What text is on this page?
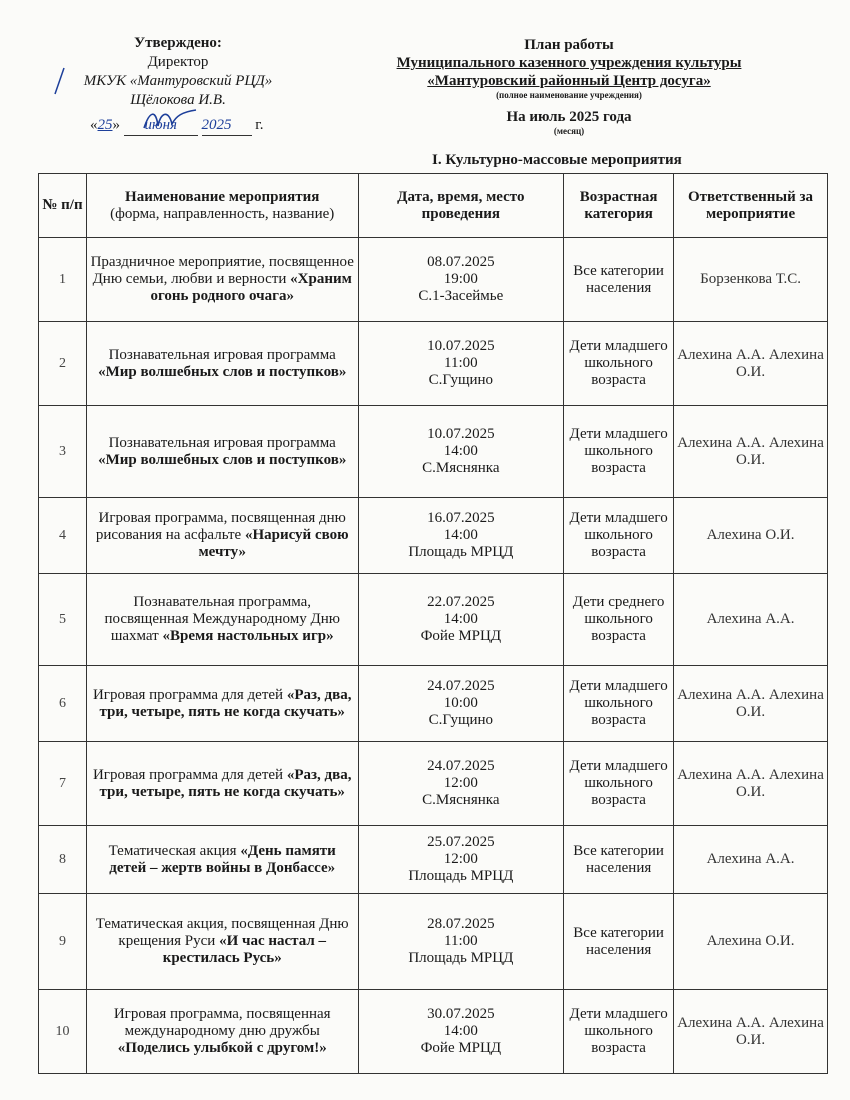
Утверждено:
Директор
МКУК «Мантуровский РЦД»
Щёлокова И.В.
«25» июня 2025 г.
План работы
Муниципального казенного учреждения культуры
«Мантуровский районный Центр досуга»
(полное наименование учреждения)
На июль 2025 года
(месяц)
I. Культурно-массовые мероприятия
№ п/п	Наименование мероприятия
(форма, направленность, название)	Дата, время, место проведения	Возрастная категория	Ответственный за мероприятие
1	Праздничное мероприятие, посвященное Дню семьи, любви и верности «Храним огонь родного очага»	08.07.2025
19:00
С.1-Засеймье	Все категории населения	Борзенкова Т.С.
2	Познавательная игровая программа «Мир волшебных слов и поступков»	10.07.2025
11:00
С.Гущино	Дети младшего школьного возраста	Алехина А.А. Алехина О.И.
3	Познавательная игровая программа «Мир волшебных слов и поступков»	10.07.2025
14:00
С.Мяснянка	Дети младшего школьного возраста	Алехина А.А. Алехина О.И.
4	Игровая программа, посвященная дню рисования на асфальте «Нарисуй свою мечту»	16.07.2025
14:00
Площадь МРЦД	Дети младшего школьного возраста	Алехина О.И.
5	Познавательная программа, посвященная Международному Дню шахмат «Время настольных игр»	22.07.2025
14:00
Фойе МРЦД	Дети среднего школьного возраста	Алехина А.А.
6	Игровая программа для детей «Раз, два, три, четыре, пять не когда скучать»	24.07.2025
10:00
С.Гущино	Дети младшего школьного возраста	Алехина А.А. Алехина О.И.
7	Игровая программа для детей «Раз, два, три, четыре, пять не когда скучать»	24.07.2025
12:00
С.Мяснянка	Дети младшего школьного возраста	Алехина А.А. Алехина О.И.
8	Тематическая акция «День памяти детей – жертв войны в Донбассе»	25.07.2025
12:00
Площадь МРЦД	Все категории населения	Алехина А.А.
9	Тематическая акция, посвященная Дню крещения Руси «И час настал – крестилась Русь»	28.07.2025
11:00
Площадь МРЦД	Все категории населения	Алехина О.И.
10	Игровая программа, посвященная международному дню дружбы «Поделись улыбкой с другом!»	30.07.2025
14:00
Фойе МРЦД	Дети младшего школьного возраста	Алехина А.А. Алехина О.И.
